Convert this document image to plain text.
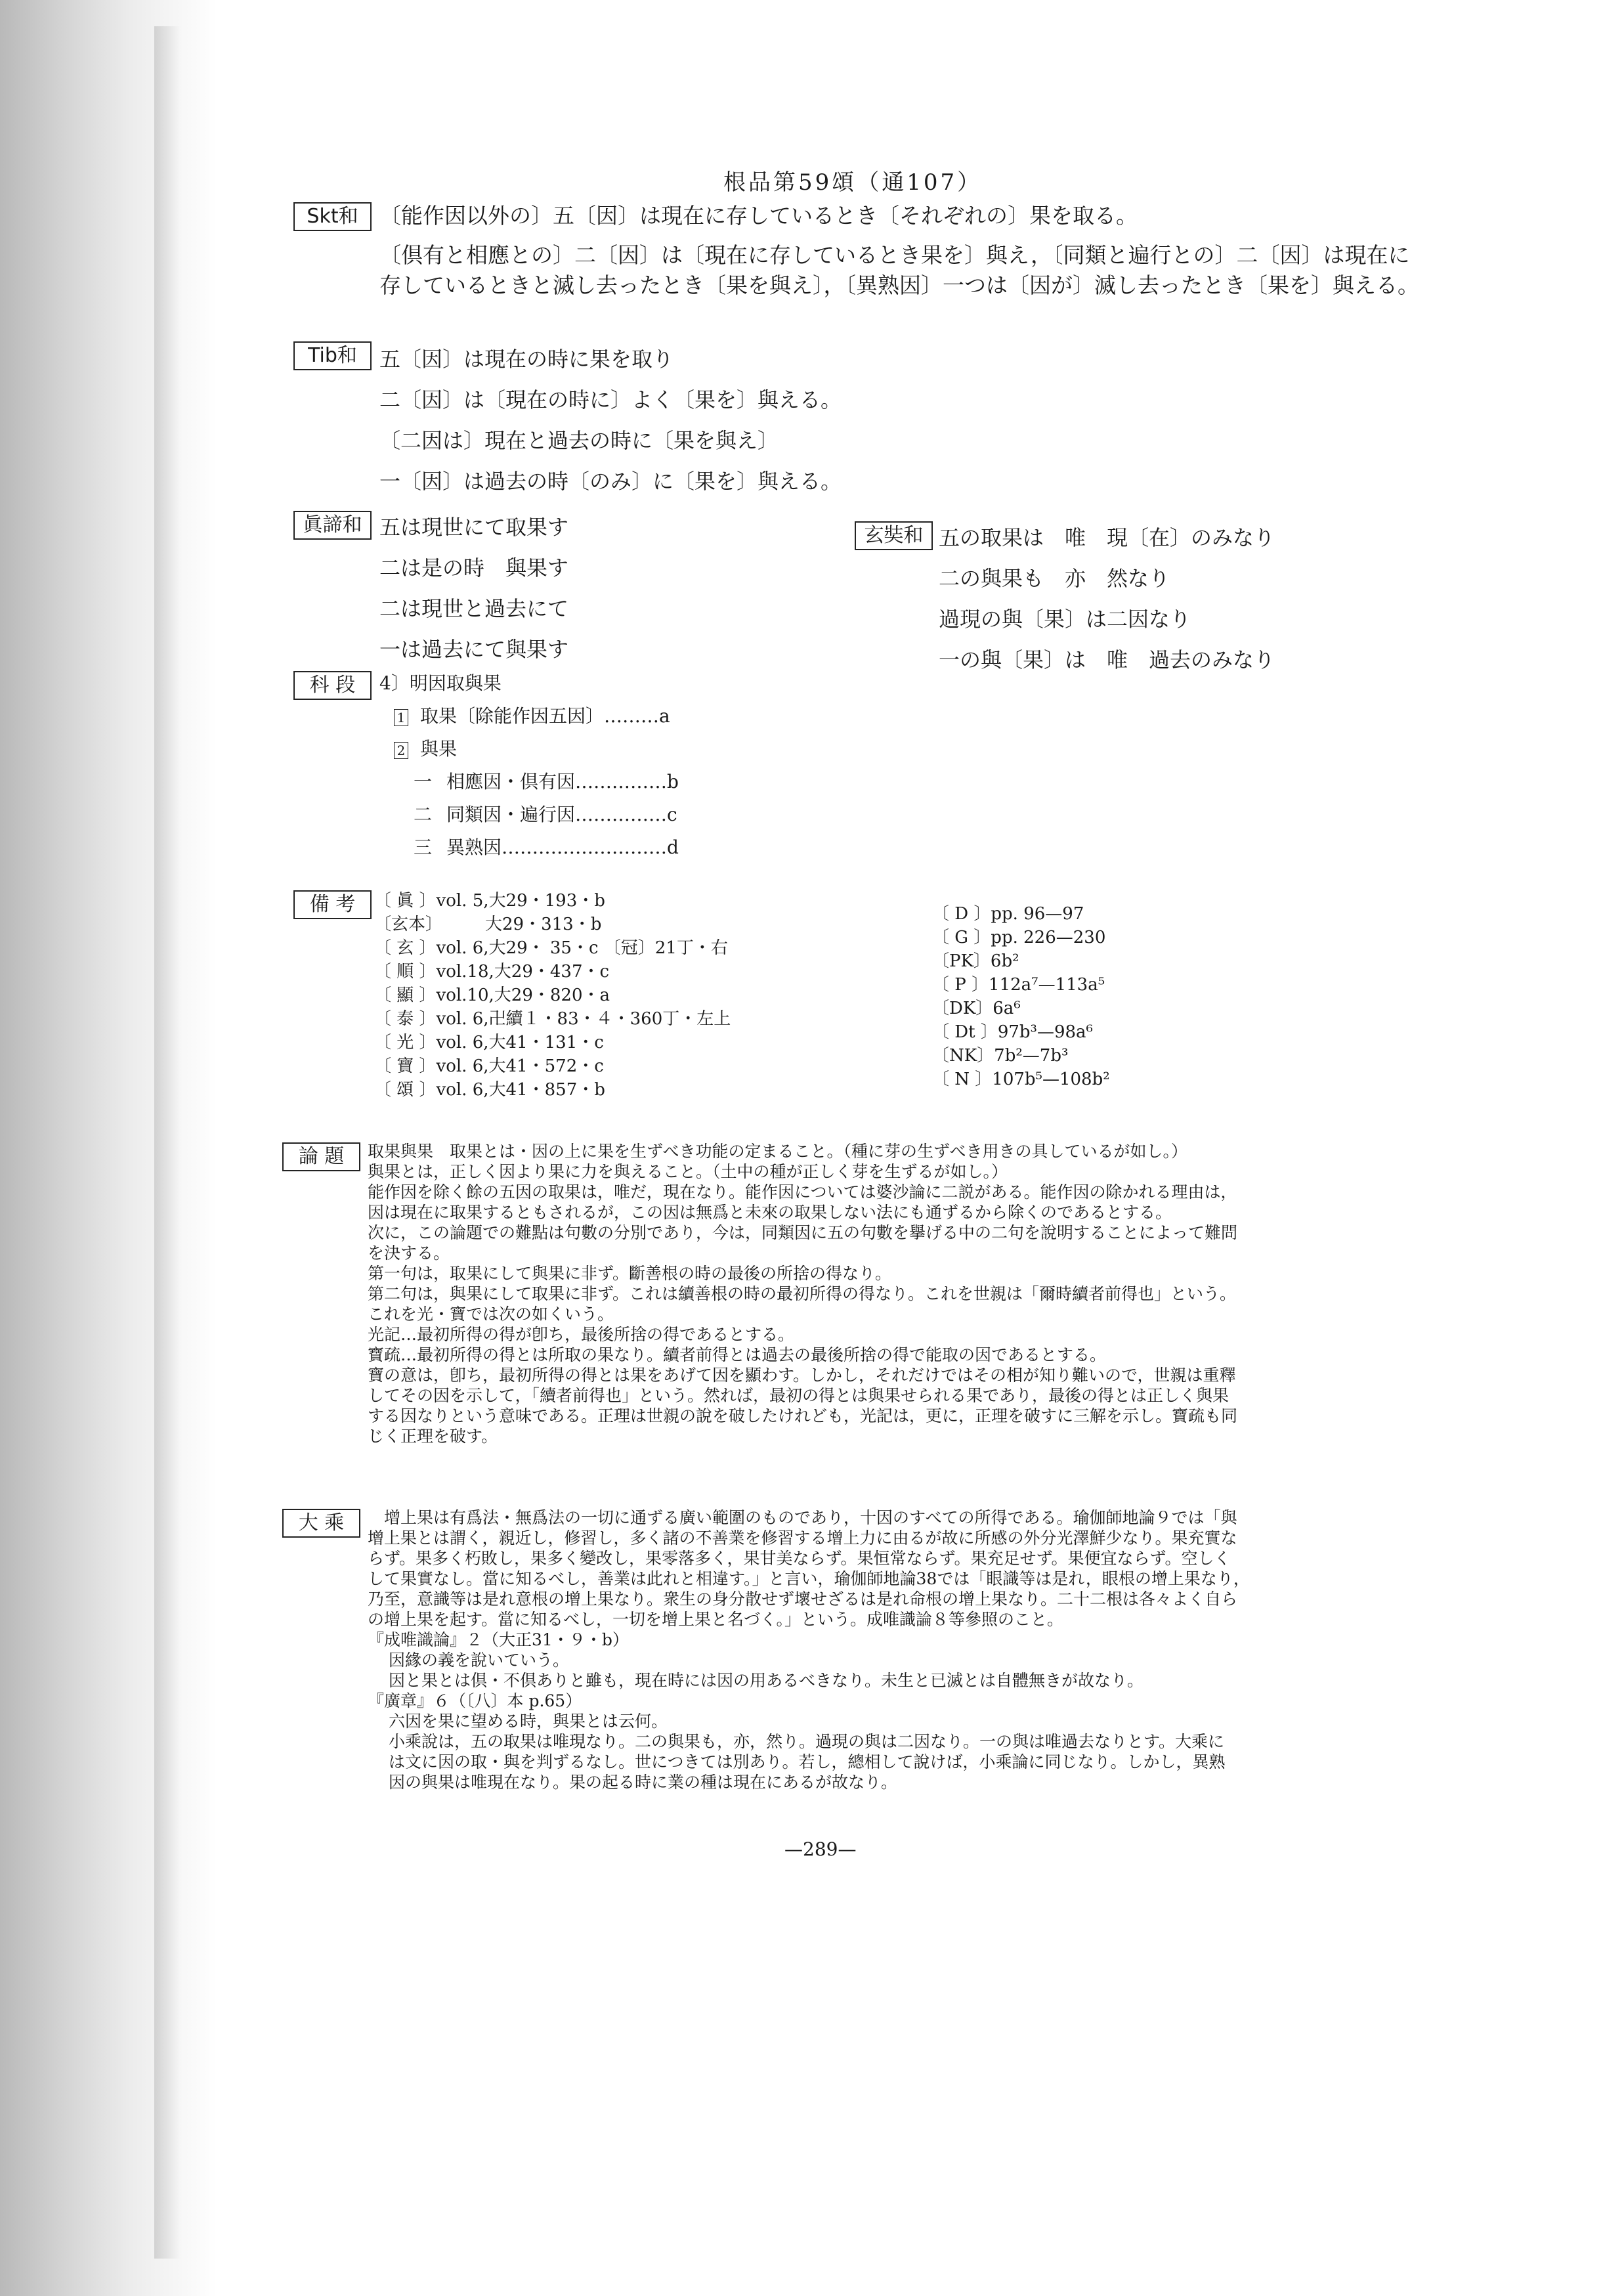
根品第59頌（通107）
Skt和 〔能作因以外の〕五〔因〕は現在に存しているとき〔それぞれの〕果を取る。
〔倶有と相應との〕二〔因〕は〔現在に存しているとき果を〕與え，〔同類と遍行との〕二〔因〕は現在に
存しているときと滅し去ったとき〔果を與え〕，〔異熟因〕一つは〔因が〕滅し去ったとき〔果を〕與える。
Tib和	五〔因〕は現在の時に果を取り
二〔因〕は〔現在の時に〕よく〔果を〕與える。
〔二因は〕現在と過去の時に〔果を與え〕
一〔因〕は過去の時〔のみ〕に〔果を〕與える。
眞諦和 五は現世にて取果す
二は是の時　與果す
二は現世と過去にて
一は過去にて與果す
玄奘和 五の取果は　唯　現〔在〕のみなり
二の與果も　亦　然なり
過現の與〔果〕は二因なり
一の與〔果〕は　唯　過去のみなり
科 段	4〕明因取與果
1 取果〔除能作因五因〕………a
2 與果
一 相應因・倶有因……………b
二 同類因・遍行因……………c
三 異熟因………………………d
備 考	〔 眞 〕vol. 5,大29・193・b
〔玄本〕　　　大29・313・b
〔 玄 〕vol. 6,大29・ 35・c 〔冠〕21丁・右
〔 順 〕vol.18,大29・437・c
〔 顯 〕vol.10,大29・820・a
〔 泰 〕vol. 6,卍續１・83・４・360丁・左上
〔 光 〕vol. 6,大41・131・c
〔 寶 〕vol. 6,大41・572・c
〔 頌 〕vol. 6,大41・857・b
〔 D 〕pp. 96—97
〔 G 〕pp. 226—230
〔PK〕6b²
〔 P 〕112a⁷—113a⁵
〔DK〕6a⁶
〔 Dt 〕97b³—98a⁶
〔NK〕7b²—7b³
〔 N 〕107b⁵—108b²
論 題	取果與果　取果とは・因の上に果を生ずべき功能の定まること。（種に芽の生ずべき用きの具しているが如し。）
與果とは，正しく因より果に力を與えること。（土中の種が正しく芽を生ずるが如し。）
能作因を除く餘の五因の取果は，唯だ，現在なり。能作因については婆沙論に二説がある。能作因の除かれる理由は，
因は現在に取果するともされるが，この因は無爲と未來の取果しない法にも通ずるから除くのであるとする。
次に，この論題での難點は句數の分別であり，今は，同類因に五の句數を擧げる中の二句を說明することによって難問
を決する。
第一句は，取果にして與果に非ず。斷善根の時の最後の所捨の得なり。
第二句は，與果にして取果に非ず。これは續善根の時の最初所得の得なり。これを世親は「爾時續者前得也」という。
これを光・寶では次の如くいう。
光記…最初所得の得が卽ち，最後所捨の得であるとする。
寶疏…最初所得の得とは所取の果なり。續者前得とは過去の最後所捨の得で能取の因であるとする。
寶の意は，卽ち，最初所得の得とは果をあげて因を顯わす。しかし，それだけではその相が知り難いので，世親は重釋
してその因を示して，「續者前得也」という。然れば，最初の得とは與果せられる果であり，最後の得とは正しく與果
する因なりという意味である。正理は世親の說を破したけれども，光記は，更に，正理を破すに三解を示し。寶疏も同
じく正理を破す。
大 乘	　增上果は有爲法・無爲法の一切に通ずる廣い範圍のものであり，十因のすべての所得である。瑜伽師地論９では「與
增上果とは謂く，親近し，修習し，多く諸の不善業を修習する增上力に由るが故に所感の外分光澤鮮少なり。果充實な
らず。果多く朽敗し，果多く變改し，果零落多く，果甘美ならず。果恒常ならず。果充足せず。果便宜ならず。空しく
して果實なし。當に知るべし，善業は此れと相違す。」と言い，瑜伽師地論38では「眼識等は是れ，眼根の增上果なり，
乃至，意識等は是れ意根の增上果なり。衆生の身分散せず壞せざるは是れ命根の增上果なり。二十二根は各々よく自ら
の增上果を起す。當に知るべし，一切を增上果と名づく。」という。成唯識論８等參照のこと。
『成唯識論』２（大正31・９・b）
因緣の義を說いていう。
因と果とは倶・不倶ありと雖も，現在時には因の用あるべきなり。未生と已滅とは自體無きが故なり。
『廣章』６（〔八〕本 p.65）
六因を果に望める時，與果とは云何。
小乘說は，五の取果は唯現なり。二の與果も，亦，然り。過現の與は二因なり。一の與は唯過去なりとす。大乘に
は文に因の取・與を判ずるなし。世につきては別あり。若し，總相して說けば，小乘論に同じなり。しかし，異熟
因の與果は唯現在なり。果の起る時に業の種は現在にあるが故なり。
—289—
